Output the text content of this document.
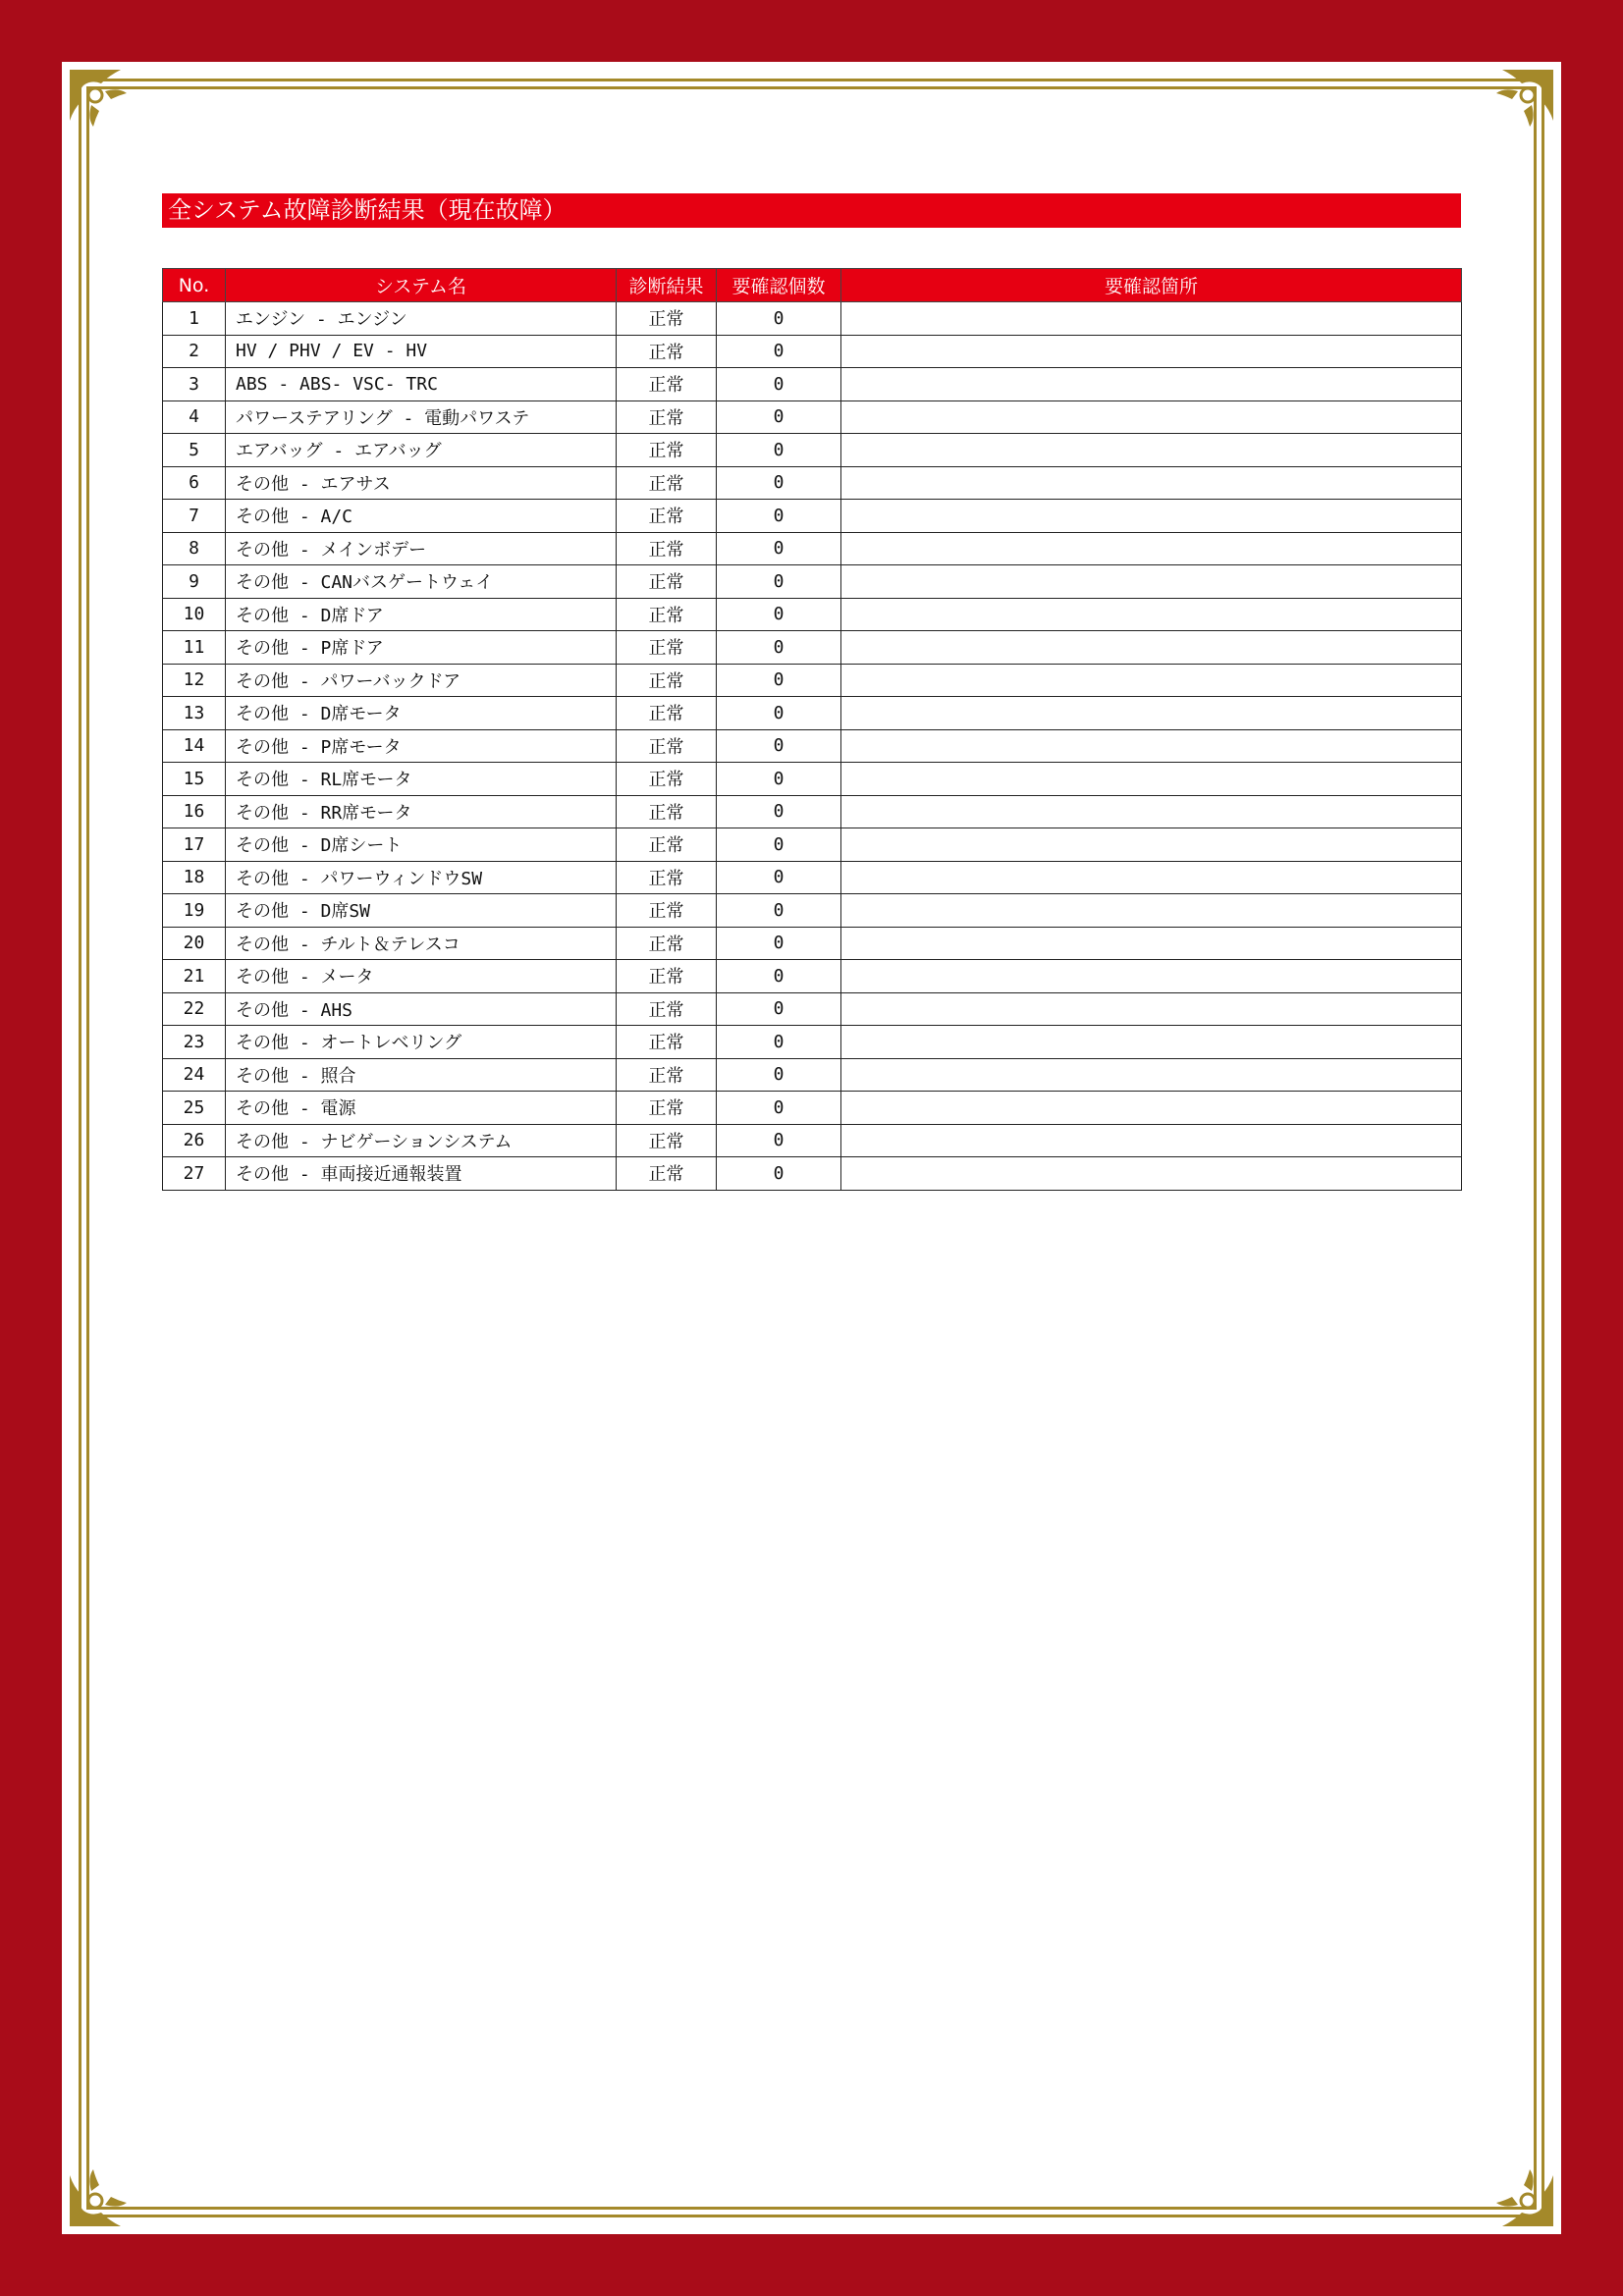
全システム故障診断結果（現在故障）
No.	システム名	診断結果	要確認個数	要確認箇所
1	エンジン - エンジン	正常	0	
2	HV / PHV / EV - HV	正常	0	
3	ABS - ABS- VSC- TRC	正常	0	
4	パワーステアリング - 電動パワステ	正常	0	
5	エアバッグ - エアバッグ	正常	0	
6	その他 - エアサス	正常	0	
7	その他 - A/C	正常	0	
8	その他 - メインボデー	正常	0	
9	その他 - CANバスゲートウェイ	正常	0	
10	その他 - D席ドア	正常	0	
11	その他 - P席ドア	正常	0	
12	その他 - パワーバックドア	正常	0	
13	その他 - D席モータ	正常	0	
14	その他 - P席モータ	正常	0	
15	その他 - RL席モータ	正常	0	
16	その他 - RR席モータ	正常	0	
17	その他 - D席シート	正常	0	
18	その他 - パワーウィンドウSW	正常	0	
19	その他 - D席SW	正常	0	
20	その他 - チルト＆テレスコ	正常	0	
21	その他 - メータ	正常	0	
22	その他 - AHS	正常	0	
23	その他 - オートレベリング	正常	0	
24	その他 - 照合	正常	0	
25	その他 - 電源	正常	0	
26	その他 - ナビゲーションシステム	正常	0	
27	その他 - 車両接近通報装置	正常	0	
